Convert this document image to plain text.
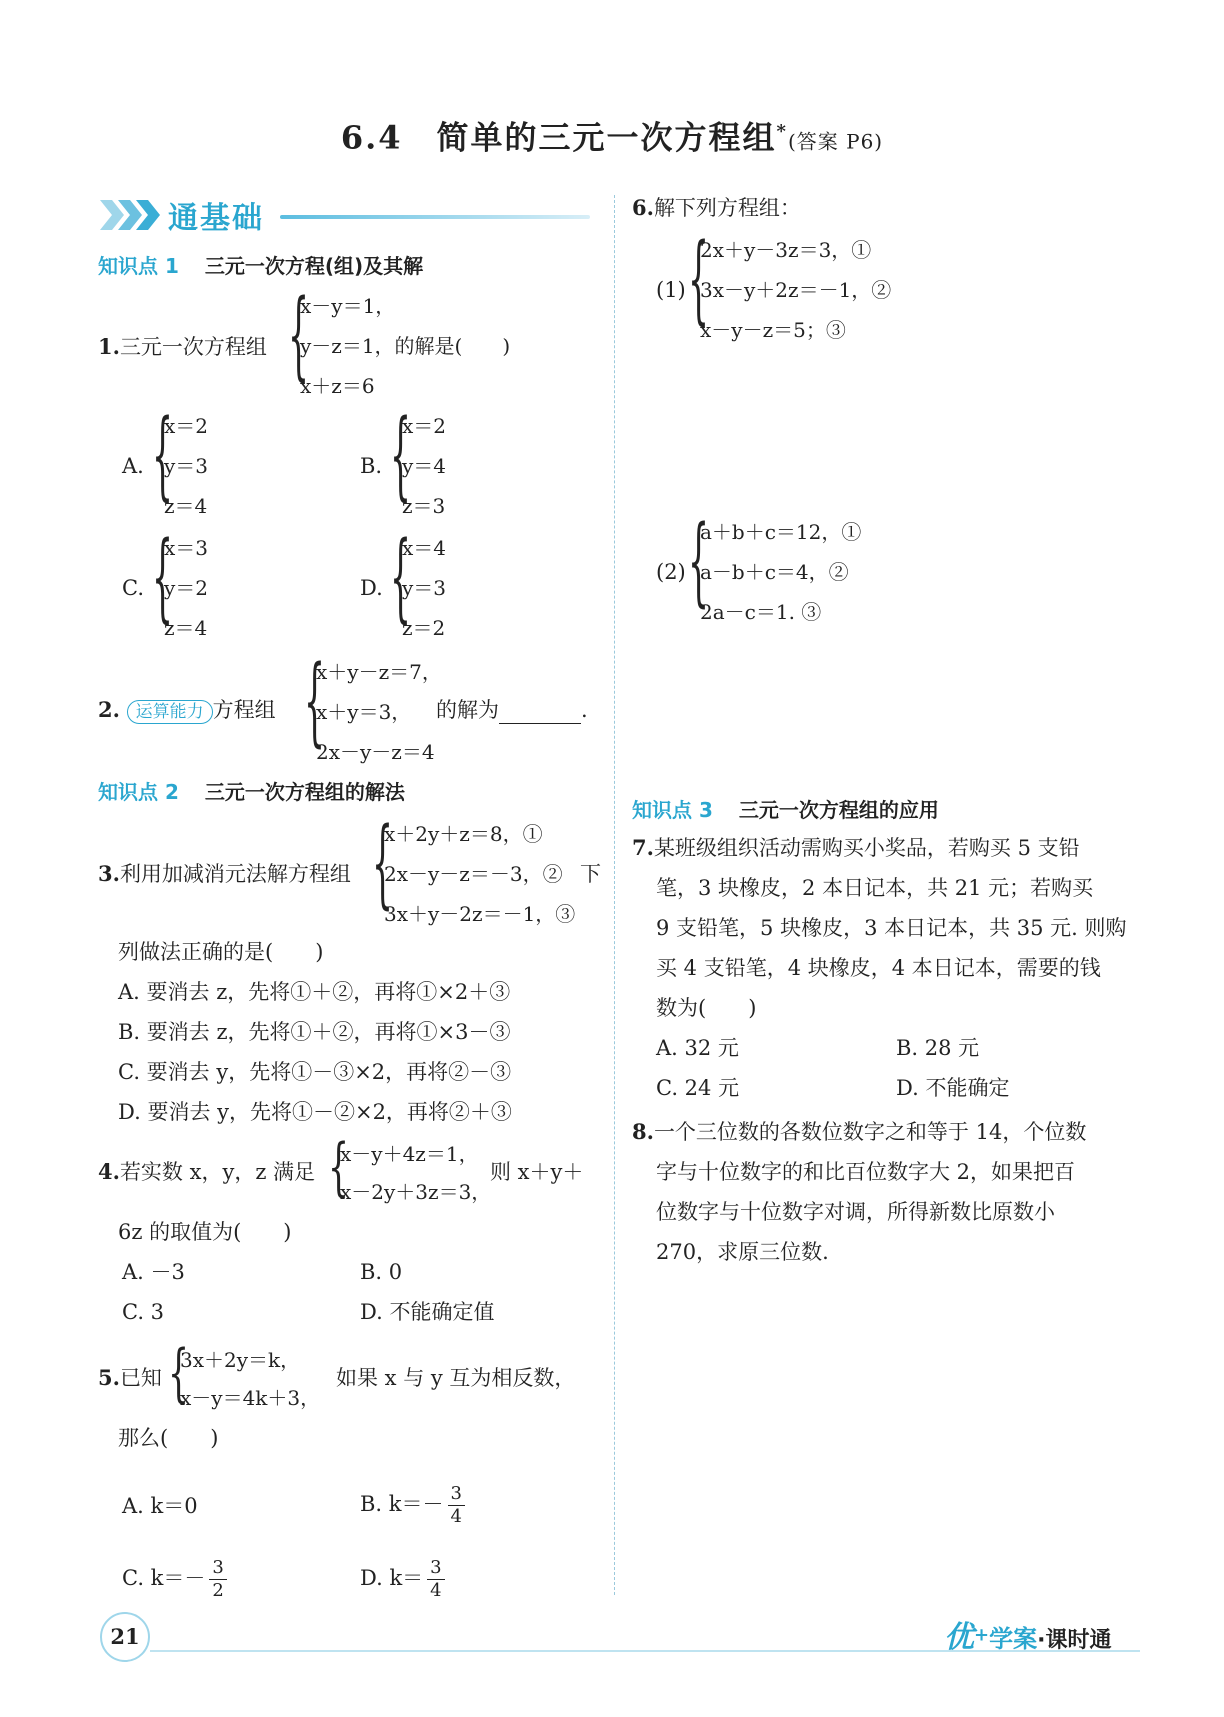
6.4　简单的三元一次方程组*(答案 P6)
通基础
知识点 1 三元一次方程(组)及其解
1.三元一次方程组 {
x－y＝1，
y－z＝1，的解是(　　)
x＋z＝6
A. {
x＝2
y＝3
z＝4
B. {
x＝2
y＝4
z＝3
C. {
x＝3
y＝2
z＝4
D. {
x＝4
y＝3
z＝2
2. 运算能力 方程组 {
x＋y－z＝7，
x＋y＝3，
2x－y－z＝4
的解为	.
知识点 2 三元一次方程组的解法
3.利用加减消元法解方程组 {
x＋2y＋z＝8，①
2x－y－z＝－3，②
3x＋y－2z＝－1，③
下
列做法正确的是(　　)
A. 要消去 z，先将①＋②，再将①×2＋③
B. 要消去 z，先将①＋②，再将①×3－③
C. 要消去 y，先将①－③×2，再将②－③
D. 要消去 y，先将①－②×2，再将②＋③
4.若实数 x，y，z 满足 {
x－y＋4z＝1，
x－2y＋3z＝3，
则 x＋y＋
6z 的取值为(　　)
A. －3	B. 0
C. 3	D. 不能确定值
5.已知 {
3x＋2y＝k，
x－y＝4k＋3，
如果 x 与 y 互为相反数，
那么(　　)
A. k＝0	B. $k=- \frac{3}{4}$
C. $k=- \frac{3}{2}$	D. $k= \frac{3}{4}$
6.解下列方程组：
(1) {
2x＋y－3z＝3，①
3x－y＋2z＝－1，②
x－y－z＝5；③
(2) {
a＋b＋c＝12，①
a－b＋c＝4，②
2a－c＝1. ③
知识点 3 三元一次方程组的应用
7.某班级组织活动需购买小奖品，若购买 5 支铅
笔，3 块橡皮，2 本日记本，共 21 元；若购买
9 支铅笔，5 块橡皮，3 本日记本，共 35 元. 则购
买 4 支铅笔，4 块橡皮，4 本日记本，需要的钱
数为(　　)
A. 32 元	B. 28 元
C. 24 元	D. 不能确定
8.一个三位数的各数位数字之和等于 14，个位数
字与十位数字的和比百位数字大 2，如果把百
位数字与十位数字对调，所得新数比原数小
270，求原三位数.
21	优+学案·课时通
